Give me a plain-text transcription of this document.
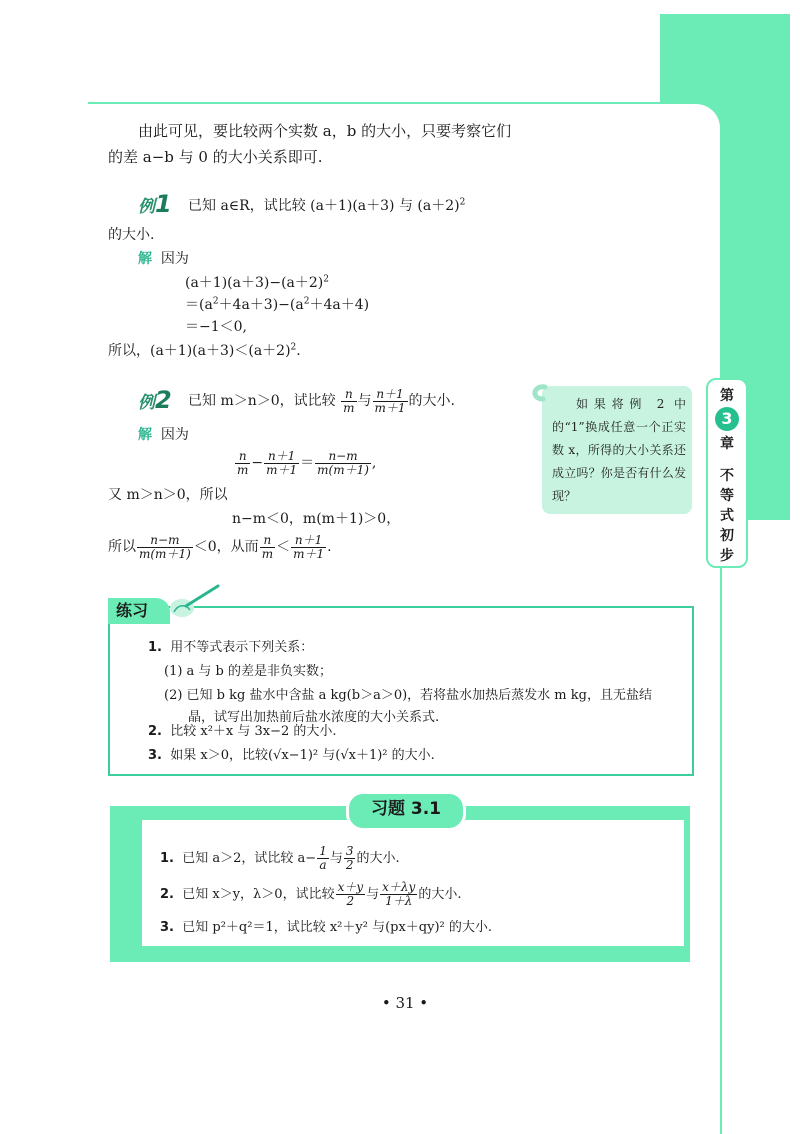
第
3
章
不
等
式
初
步
由此可见，要比较两个实数 a，b 的大小，只要考察它们
的差 a−b 与 0 的大小关系即可.
例1 已知 a∈R，试比较 (a＋1)(a＋3) 与 $(a+2)^2$
的大小.
解 因为
$(a+1)(a+3)-(a+2)^2$
$=(a^2+4a+3)-(a^2+4a+4)$
＝−1＜0,
所以，$(a+1)(a+3)<(a+2)^2$.
例2 已知 m＞n＞0，试比较 $\frac{n}{m}$ 与 $\frac{n+1}{m+1}$ 的大小.
解 因为
$\frac{n}{m} - \frac{n+1}{m+1} = \frac{n-m}{m(m+1)}$ ,
又 m＞n＞0，所以
n−m＜0，m(m＋1)＞0，
所以 $\frac{n-m}{m(m+1)} <0$，从而 $\frac{n}{m} < \frac{n+1}{m+1}$ .
如果将例 2 中的“1”换成任意一个正实数 x，所得的大小关系还成立吗？你是否有什么发现？
练习
1. 用不等式表示下列关系：
(1) a 与 b 的差是非负实数；
(2) 已知 b kg 盐水中含盐 a kg(b＞a＞0)，若将盐水加热后蒸发水 m kg，且无盐结
晶，试写出加热前后盐水浓度的大小关系式.
2. 比较 x²＋x 与 3x−2 的大小.
3. 如果 x＞0，比较(√x−1)² 与(√x＋1)² 的大小.
习题 3.1
1. 已知 a＞2，试比较 $a- \frac{1}{a}$ 与 $\frac{3}{2}$ 的大小.
2. 已知 x＞y，λ＞0，试比较 $\frac{x+y}{2}$ 与 $\frac{x+\lambda y}{1+\lambda}$ 的大小.
3. 已知 p²＋q²＝1，试比较 x²＋y² 与(px＋qy)² 的大小.
• 31 •
